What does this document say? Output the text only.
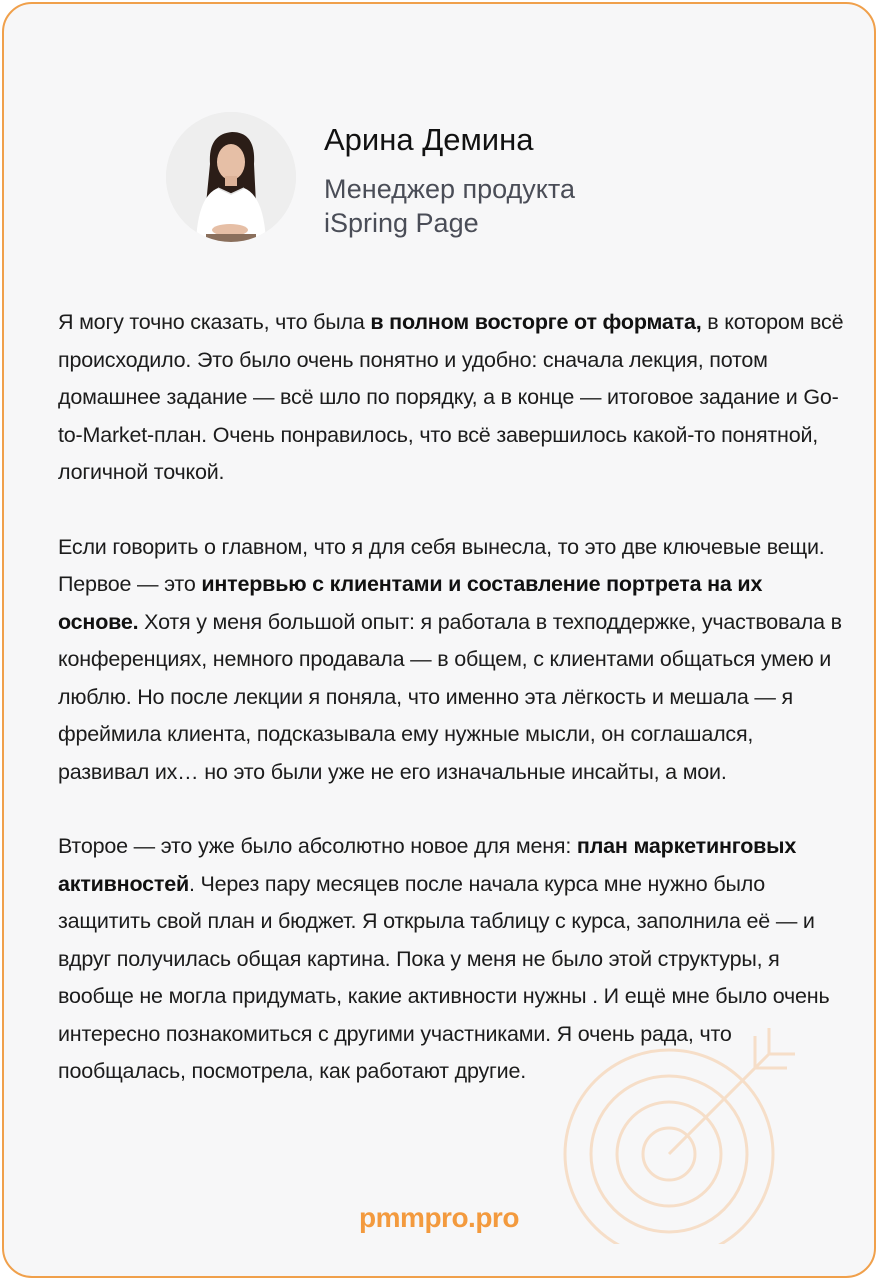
Арина Демина
Менеджер продукта
iSpring Page

Я могу точно сказать, что была в полном восторге от формата, в котором всё происходило. Это было очень понятно и удобно: сначала лекция, потом домашнее задание — всё шло по порядку, а в конце — итоговое задание и Go-to-Market-план. Очень понравилось, что всё завершилось какой-то понятной, логичной точкой.

Если говорить о главном, что я для себя вынесла, то это две ключевые вещи. Первое — это интервью с клиентами и составление портрета на их основе. Хотя у меня большой опыт: я работала в техподдержке, участвовала в конференциях, немного продавала — в общем, с клиентами общаться умею и люблю. Но после лекции я поняла, что именно эта лёгкость и мешала — я фреймила клиента, подсказывала ему нужные мысли, он соглашался, развивал их… но это были уже не его изначальные инсайты, а мои.

Второе — это уже было абсолютно новое для меня: план маркетинговых активностей. Через пару месяцев после начала курса мне нужно было защитить свой план и бюджет. Я открыла таблицу с курса, заполнила её — и вдруг получилась общая картина. Пока у меня не было этой структуры, я вообще не могла придумать, какие активности нужны . И ещё мне было очень интересно познакомиться с другими участниками. Я очень рада, что пообщалась, посмотрела, как работают другие.

pmmpro.pro
